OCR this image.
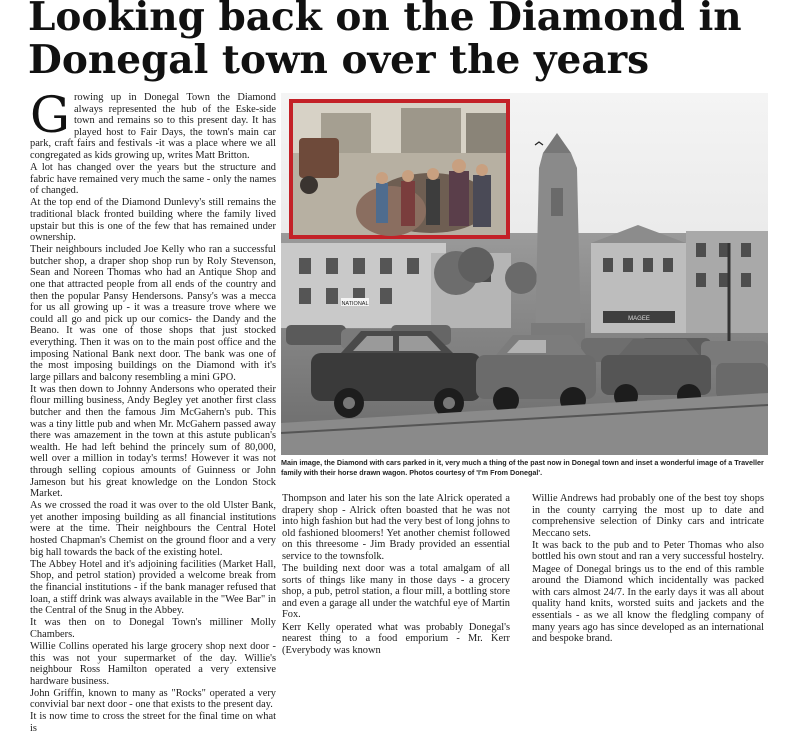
Looking back on the Diamond in Donegal town over the years

Growing up in Donegal Town the Diamond always represented the hub of the Eske-side town and remains so to this present day. It has played host to Fair Days, the town's main car park, craft fairs and festivals -it was a place where we all congregated as kids growing up, writes Matt Britton.

A lot has changed over the years but the structure and fabric have remained very much the same - only the names of changed.

At the top end of the Diamond Dunlevy's still remains the traditional black fronted building where the family lived upstair but this is one of the few that has remained under ownership.

Their neighbours included Joe Kelly who ran a successful butcher shop, a draper shop shop run by Roly Stevenson, Sean and Noreen Thomas who had an Antique Shop and one that attracted people from all ends of the country and then the popular Pansy Hendersons. Pansy's was a mecca for us all growing up - it was a treasure trove where we could all go and pick up our comics- the Dandy and the Beano. It was one of those shops that just stocked everything. Then it was on to the main post office and the imposing National Bank next door. The bank was one of the most imposing buildings on the Diamond with it's large pillars and balcony resembling a mini GPO.

It was then down to Johnny Andersons who operated their flour milling business, Andy Begley yet another first class butcher and then the famous Jim McGahern's pub. This was a tiny little pub and when Mr. McGahern passed away there was amazement in the town at this astute publican's wealth. He had left behind the princely sum of 80,000, well over a million in today's terms! However it was not through selling copious amounts of Guinness or John Jameson but his great knowledge on the London Stock Market.

As we crossed the road it was over to the old Ulster Bank, yet another imposing building as all financial institutions were at the time. Their neighbours the Central Hotel hosted Chapman's Chemist on the ground floor and a very big hall towards the back of the existing hotel.

The Abbey Hotel and it's adjoining facilities (Market Hall, Shop, and petrol station) provided a welcome break from the financial institutions - if the bank manager refused that loan, a stiff drink was always available in the "Wee Bar" in the Central of the Snug in the Abbey.

It was then on to Donegal Town's milliner Molly Chambers.

Willie Collins operated his large grocery shop next door - this was not your supermarket of the day. Willie's neighbour Ross Hamilton operated a very extensive hardware business.

John Griffin, known to many as "Rocks" operated a very convivial bar next door - one that exists to the present day.

It is now time to cross the street for the final time on what is

NATIONAL
MAGEE
Main image, the Diamond with cars parked in it, very much a thing of the past now in Donegal town and inset a wonderful image of a Traveller family with their horse drawn wagon. Photos courtesy of 'I'm From Donegal'.

Thompson and later his son the late Alrick operated a drapery shop - Alrick often boasted that he was not into high fashion but had the very best of long johns to old fashioned bloomers! Yet another chemist followed on this threesome - Jim Brady provided an essential service to the townsfolk.

The building next door was a total amalgam of all sorts of things like many in those days - a grocery shop, a pub, petrol station, a flour mill, a bottling store and even a garage all under the watchful eye of Martin Fox.

Kerr Kelly operated what was probably Donegal's nearest thing to a food emporium - Mr. Kerr (Everybody was known

Willie Andrews had probably one of the best toy shops in the county carrying the most up to date and comprehensive selection of Dinky cars and intricate Meccano sets.

It was back to the pub and to Peter Thomas who also bottled his own stout and ran a very successful hostelry.

Magee of Donegal brings us to the end of this ramble around the Diamond which incidentally was packed with cars almost 24/7. In the early days it was all about quality hand knits, worsted suits and jackets and the essentials - as we all know the fledgling company of many years ago has since developed as an international and bespoke brand.
